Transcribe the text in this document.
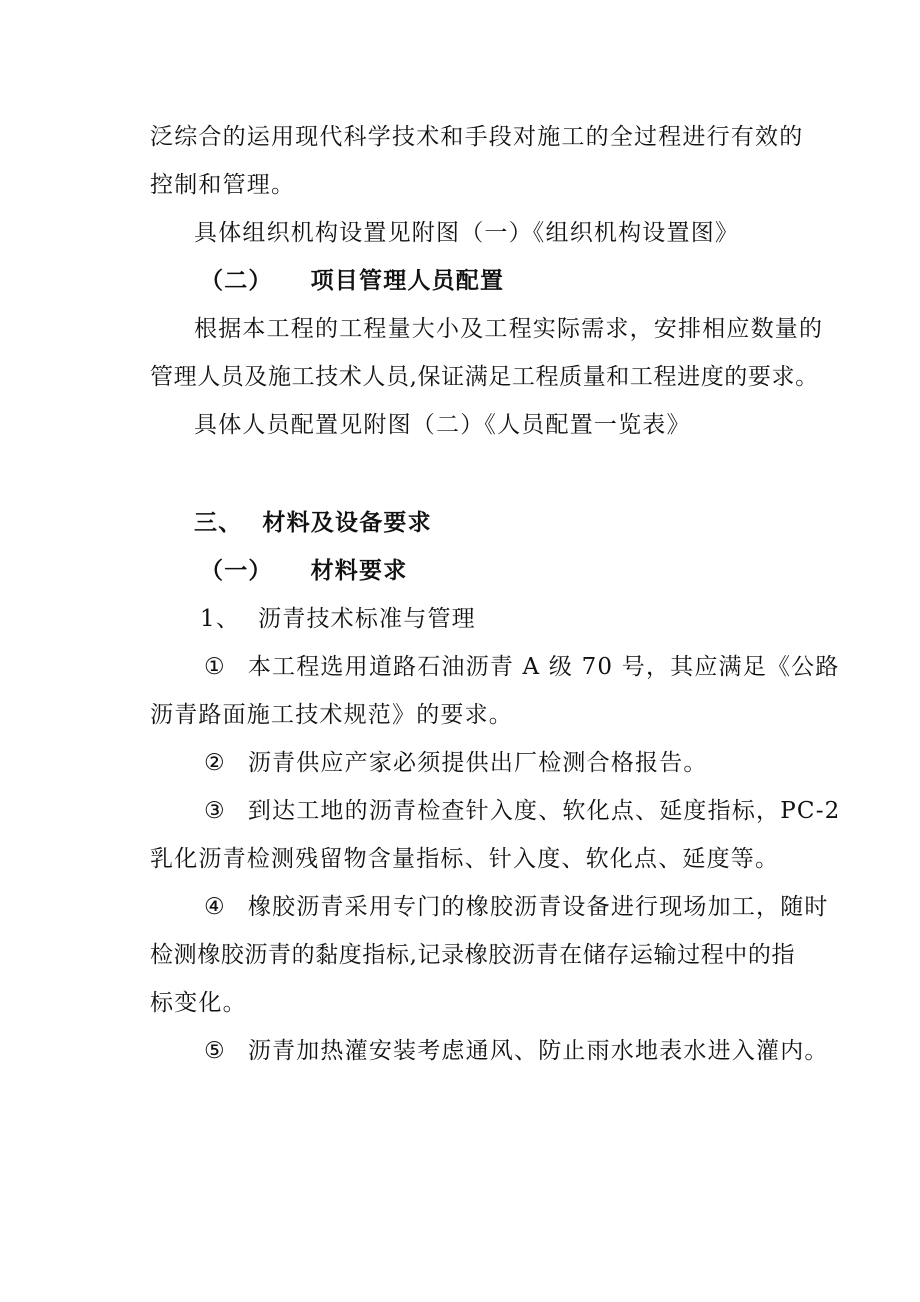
泛综合的运用现代科学技术和手段对施工的全过程进行有效的
控制和管理。
具体组织机构设置见附图（一）《组织机构设置图》
（二） 项目管理人员配置
根据本工程的工程量大小及工程实际需求，安排相应数量的
管理人员及施工技术人员,保证满足工程质量和工程进度的要求。
具体人员配置见附图（二）《人员配置一览表》
三、 材料及设备要求
（一） 材料要求
1、 沥青技术标准与管理
① 本工程选用道路石油沥青 A 级 70 号，其应满足《公路
沥青路面施工技术规范》的要求。
② 沥青供应产家必须提供出厂检测合格报告。
③ 到达工地的沥青检查针入度、软化点、延度指标，PC-2
乳化沥青检测残留物含量指标、针入度、软化点、延度等。
④ 橡胶沥青采用专门的橡胶沥青设备进行现场加工，随时
检测橡胶沥青的黏度指标,记录橡胶沥青在储存运输过程中的指
标变化。
⑤ 沥青加热灌安装考虑通风、防止雨水地表水进入灌内。
